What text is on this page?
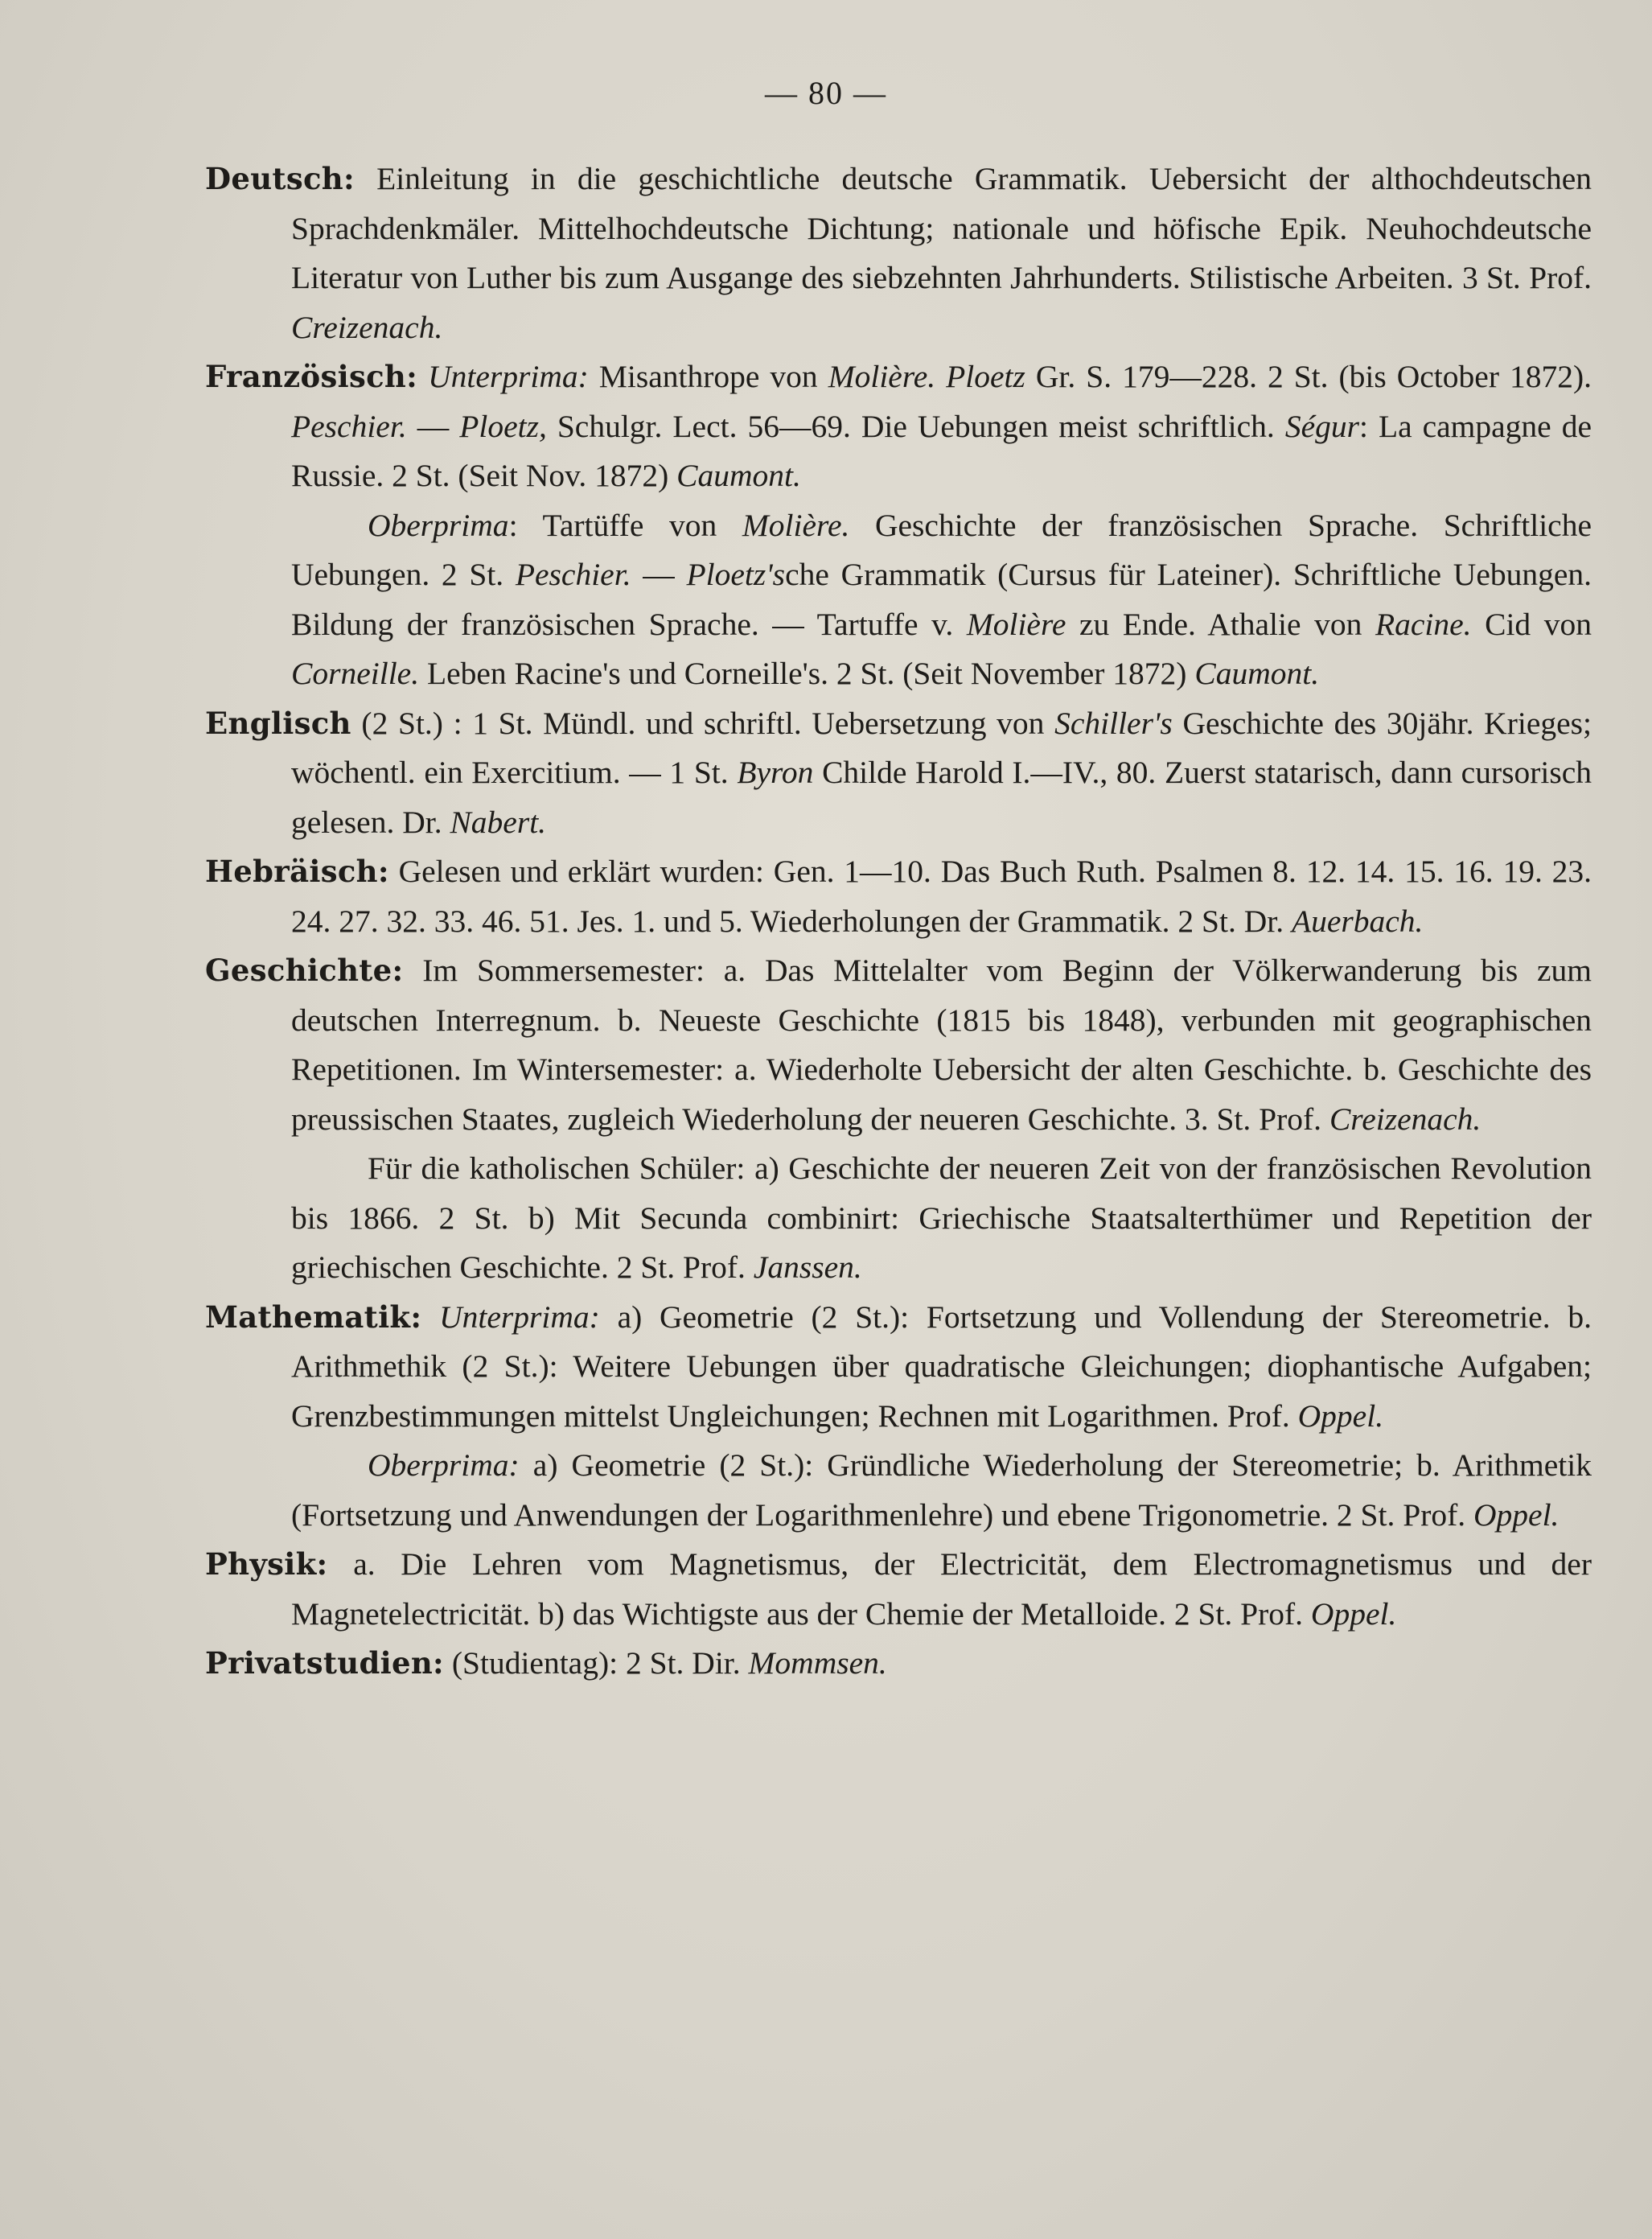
— 80 —

Deutsch: Einleitung in die geschichtliche deutsche Grammatik. Uebersicht der althochdeutschen Sprachdenkmäler. Mittelhochdeutsche Dichtung; nationale und höfische Epik. Neuhochdeutsche Literatur von Luther bis zum Ausgange des siebzehnten Jahrhunderts. Stilistische Arbeiten. 3 St. Prof. Creizenach.

Französisch: Unterprima: Misanthrope von Molière. Ploetz Gr. S. 179—228. 2 St. (bis October 1872). Peschier. — Ploetz, Schulgr. Lect. 56—69. Die Uebungen meist schriftlich. Ségur: La campagne de Russie. 2 St. (Seit Nov. 1872) Caumont.
Oberprima: Tartüffe von Molière. Geschichte der französischen Sprache. Schriftliche Uebungen. 2 St. Peschier. — Ploetz'sche Grammatik (Cursus für Lateiner). Schriftliche Uebungen. Bildung der französischen Sprache. — Tartuffe v. Molière zu Ende. Athalie von Racine. Cid von Corneille. Leben Racine's und Corneille's. 2 St. (Seit November 1872) Caumont.

Englisch (2 St.) : 1 St. Mündl. und schriftl. Uebersetzung von Schiller's Geschichte des 30jähr. Krieges; wöchentl. ein Exercitium. — 1 St. Byron Childe Harold I.—IV., 80. Zuerst statarisch, dann cursorisch gelesen. Dr. Nabert.

Hebräisch: Gelesen und erklärt wurden: Gen. 1—10. Das Buch Ruth. Psalmen 8. 12. 14. 15. 16. 19. 23. 24. 27. 32. 33. 46. 51. Jes. 1. und 5. Wiederholungen der Grammatik. 2 St. Dr. Auerbach.

Geschichte: Im Sommersemester: a. Das Mittelalter vom Beginn der Völkerwanderung bis zum deutschen Interregnum. b. Neueste Geschichte (1815 bis 1848), verbunden mit geographischen Repetitionen. Im Wintersemester: a. Wiederholte Uebersicht der alten Geschichte. b. Geschichte des preussischen Staates, zugleich Wiederholung der neueren Geschichte. 3. St. Prof. Creizenach.
Für die katholischen Schüler: a) Geschichte der neueren Zeit von der französischen Revolution bis 1866. 2 St. b) Mit Secunda combinirt: Griechische Staatsalterthümer und Repetition der griechischen Geschichte. 2 St. Prof. Janssen.

Mathematik: Unterprima: a) Geometrie (2 St.): Fortsetzung und Vollendung der Stereometrie. b. Arithmethik (2 St.): Weitere Uebungen über quadratische Gleichungen; diophantische Aufgaben; Grenzbestimmungen mittelst Ungleichungen; Rechnen mit Logarithmen. Prof. Oppel.
Oberprima: a) Geometrie (2 St.): Gründliche Wiederholung der Stereometrie; b. Arithmetik (Fortsetzung und Anwendungen der Logarithmenlehre) und ebene Trigonometrie. 2 St. Prof. Oppel.

Physik: a. Die Lehren vom Magnetismus, der Electricität, dem Electromagnetismus und der Magnetelectricität. b) das Wichtigste aus der Chemie der Metalloide. 2 St. Prof. Oppel.

Privatstudien: (Studientag): 2 St. Dir. Mommsen.
